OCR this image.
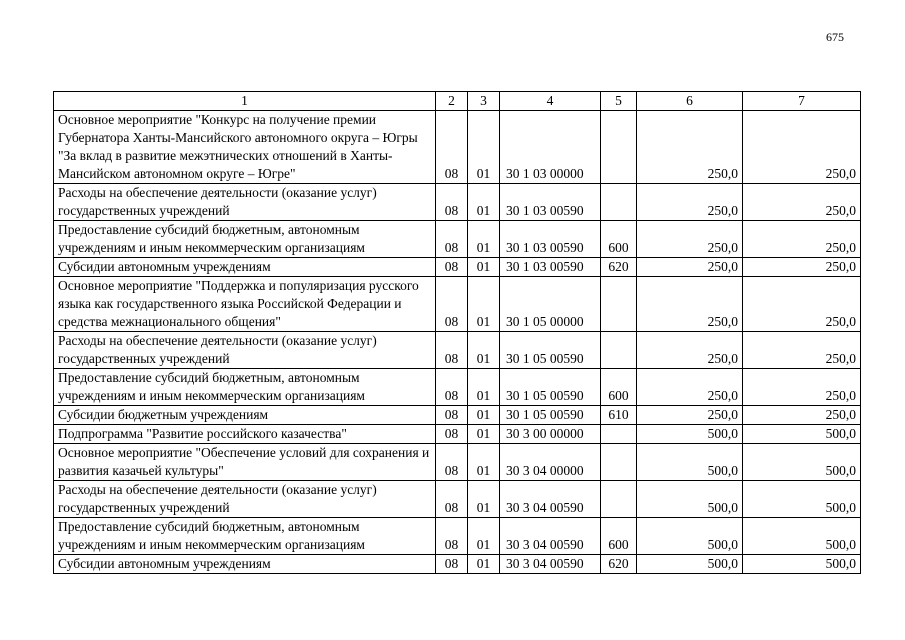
675
1	2	3	4	5	6	7
Основное мероприятие "Конкурс на получение премии Губернатора Ханты-Мансийского автономного округа – Югры "За вклад в развитие межэтнических отношений в Ханты-Мансийском автономном округе – Югре"	08	01	30 1 03 00000		250,0	250,0
Расходы на обеспечение деятельности (оказание услуг) государственных учреждений	08	01	30 1 03 00590		250,0	250,0
Предоставление субсидий бюджетным, автономным учреждениям и иным некоммерческим организациям	08	01	30 1 03 00590	600	250,0	250,0
Субсидии автономным учреждениям	08	01	30 1 03 00590	620	250,0	250,0
Основное мероприятие "Поддержка и популяризация русского языка как государственного языка Российской Федерации и средства межнационального общения"	08	01	30 1 05 00000		250,0	250,0
Расходы на обеспечение деятельности (оказание услуг) государственных учреждений	08	01	30 1 05 00590		250,0	250,0
Предоставление субсидий бюджетным, автономным учреждениям и иным некоммерческим организациям	08	01	30 1 05 00590	600	250,0	250,0
Субсидии бюджетным учреждениям	08	01	30 1 05 00590	610	250,0	250,0
Подпрограмма "Развитие российского казачества"	08	01	30 3 00 00000		500,0	500,0
Основное мероприятие "Обеспечение условий для сохранения и развития казачьей культуры"	08	01	30 3 04 00000		500,0	500,0
Расходы на обеспечение деятельности (оказание услуг) государственных учреждений	08	01	30 3 04 00590		500,0	500,0
Предоставление субсидий бюджетным, автономным учреждениям и иным некоммерческим организациям	08	01	30 3 04 00590	600	500,0	500,0
Субсидии автономным учреждениям	08	01	30 3 04 00590	620	500,0	500,0
